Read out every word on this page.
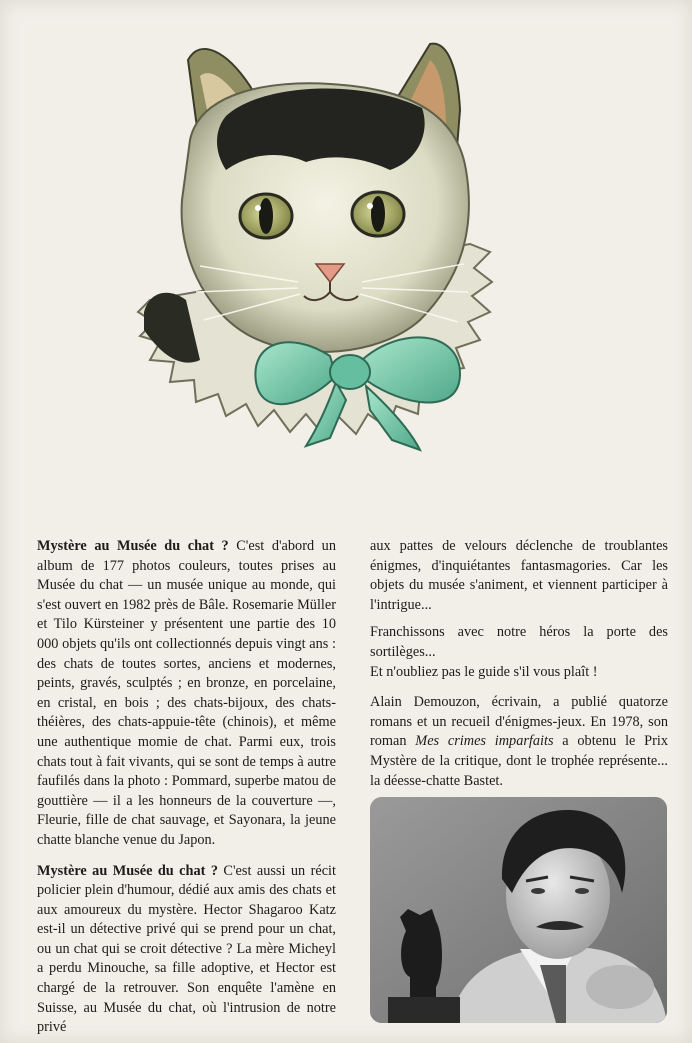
Mystère au Musée du chat ? C'est d'abord un album de 177 photos couleurs, toutes prises au Musée du chat — un musée unique au monde, qui s'est ouvert en 1982 près de Bâle. Rosemarie Müller et Tilo Kürsteiner y présentent une partie des 10 000 objets qu'ils ont collectionnés depuis vingt ans : des chats de toutes sortes, anciens et modernes, peints, gravés, sculptés ; en bronze, en porcelaine, en cristal, en bois ; des chats-bijoux, des chats-théières, des chats-appuie-tête (chinois), et même une authentique momie de chat. Parmi eux, trois chats tout à fait vivants, qui se sont de temps à autre faufilés dans la photo : Pommard, superbe matou de gouttière — il a les honneurs de la couverture —, Fleurie, fille de chat sauvage, et Sayonara, la jeune chatte blanche venue du Japon.

Mystère au Musée du chat ? C'est aussi un récit policier plein d'humour, dédié aux amis des chats et aux amoureux du mystère. Hector Shagaroo Katz est-il un détective privé qui se prend pour un chat, ou un chat qui se croit détective ? La mère Micheyl a perdu Minouche, sa fille adoptive, et Hector est chargé de la retrouver. Son enquête l'amène en Suisse, au Musée du chat, où l'intrusion de notre privé

aux pattes de velours déclenche de troublantes énigmes, d'inquiétantes fantasmagories. Car les objets du musée s'animent, et viennent participer à l'intrigue...

Franchissons avec notre héros la porte des sortilèges...

Et n'oubliez pas le guide s'il vous plaît !

Alain Demouzon, écrivain, a publié quatorze romans et un recueil d'énigmes-jeux. En 1978, son roman Mes crimes imparfaits a obtenu le Prix Mystère de la critique, dont le trophée représente... la déesse-chatte Bastet.
